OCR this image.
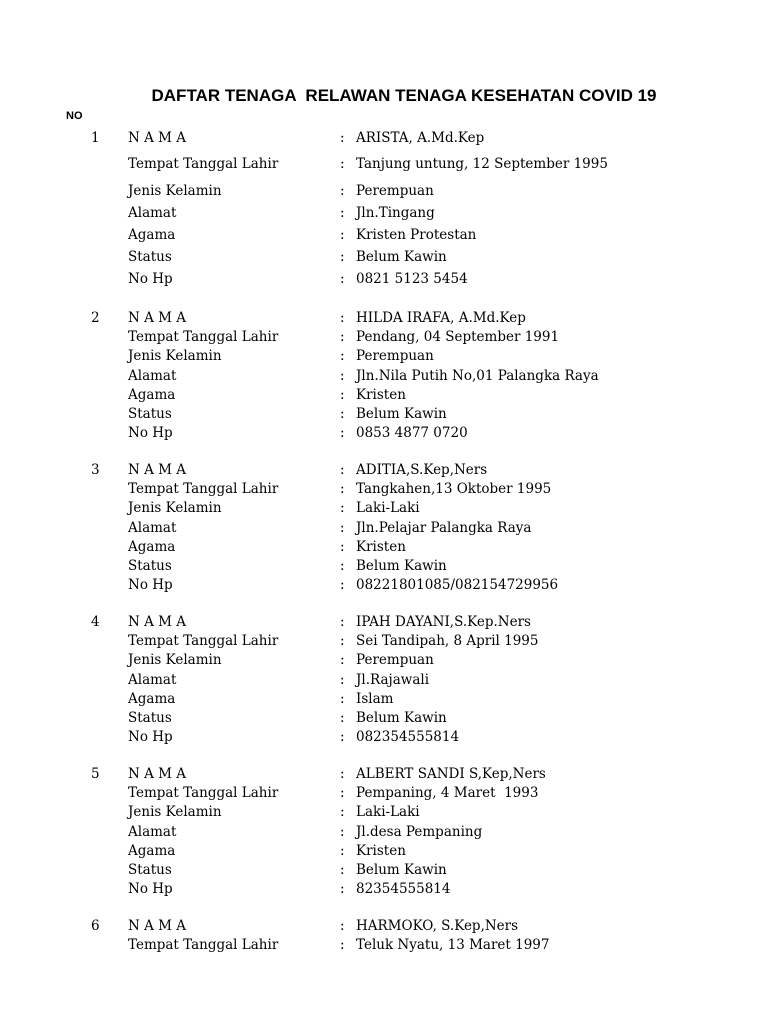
DAFTAR TENAGA  RELAWAN TENAGA KESEHATAN COVID 19
NO
1 N A M A	: ARISTA, A.Md.Kep
Tempat Tanggal Lahir	: Tanjung untung, 12 September 1995
Jenis Kelamin	: Perempuan
Alamat	: Jln.Tingang
Agama	: Kristen Protestan
Status	: Belum Kawin
No Hp	: 0821 5123 5454
2 N A M A	: HILDA IRAFA, A.Md.Kep
Tempat Tanggal Lahir	: Pendang, 04 September 1991
Jenis Kelamin	: Perempuan
Alamat	: Jln.Nila Putih No,01 Palangka Raya
Agama	: Kristen
Status	: Belum Kawin
No Hp	: 0853 4877 0720
3 N A M A	: ADITIA,S.Kep,Ners
Tempat Tanggal Lahir	: Tangkahen,13 Oktober 1995
Jenis Kelamin	: Laki-Laki
Alamat	: Jln.Pelajar Palangka Raya
Agama	: Kristen
Status	: Belum Kawin
No Hp	: 08221801085/082154729956
4 N A M A	: IPAH DAYANI,S.Kep.Ners
Tempat Tanggal Lahir	: Sei Tandipah, 8 April 1995
Jenis Kelamin	: Perempuan
Alamat	: Jl.Rajawali
Agama	: Islam
Status	: Belum Kawin
No Hp	: 082354555814
5 N A M A	: ALBERT SANDI S,Kep,Ners
Tempat Tanggal Lahir	: Pempaning, 4 Maret  1993
Jenis Kelamin	: Laki-Laki
Alamat	: Jl.desa Pempaning
Agama	: Kristen
Status	: Belum Kawin
No Hp	: 82354555814
6 N A M A	: HARMOKO, S.Kep,Ners
Tempat Tanggal Lahir	: Teluk Nyatu, 13 Maret 1997
